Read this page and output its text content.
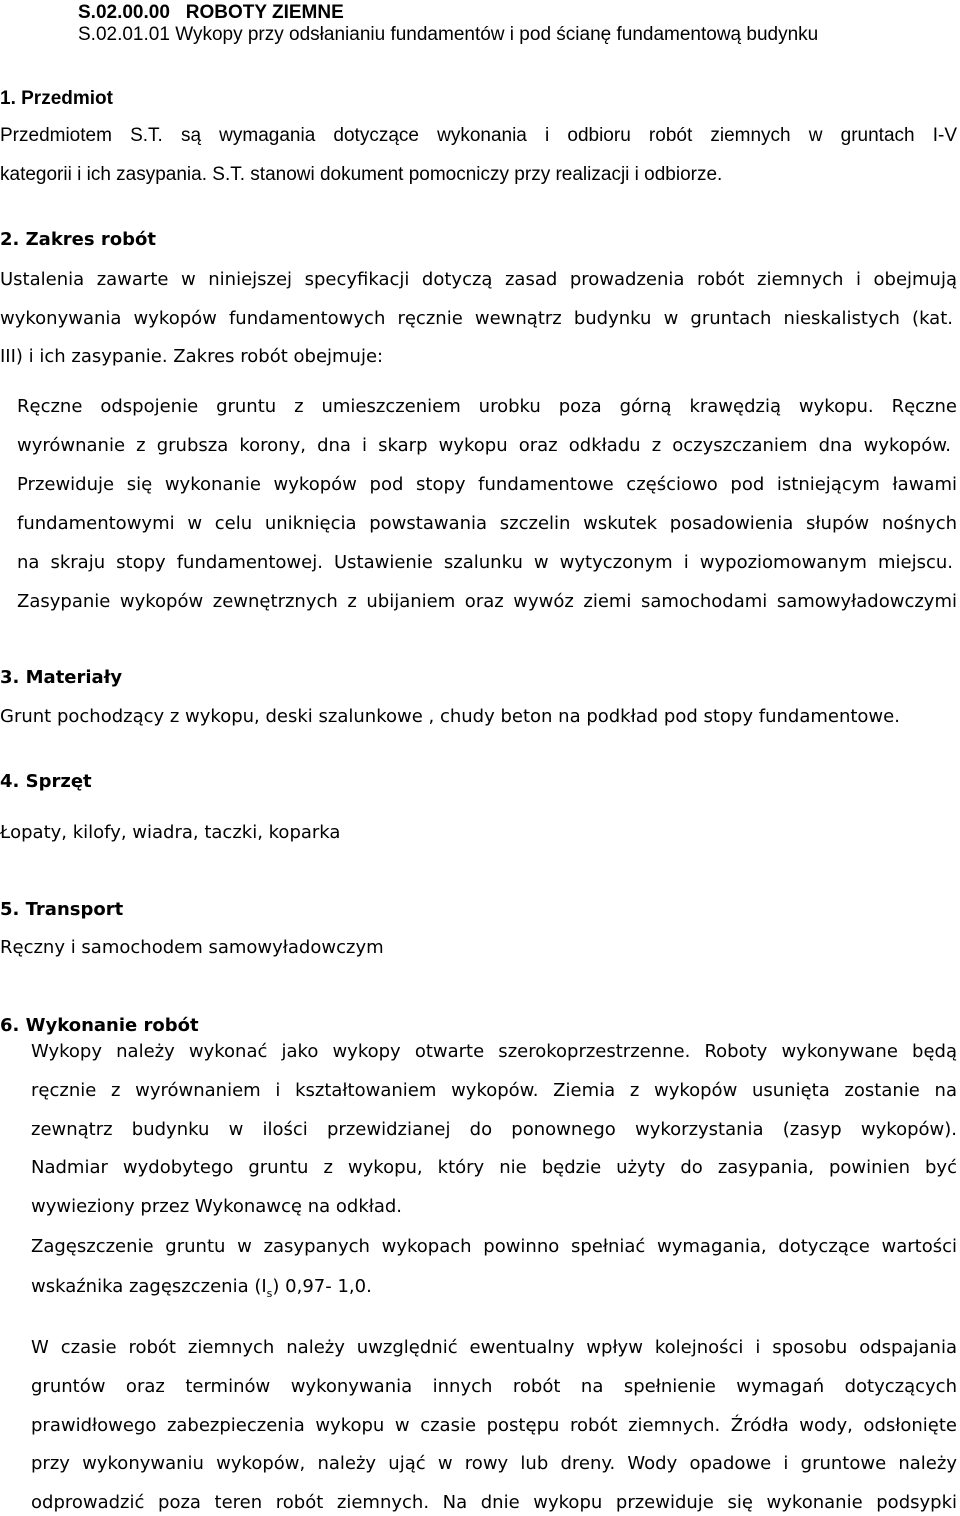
S.02.00.00 ROBOTY ZIEMNE
S.02.01.01 Wykopy przy odsłanianiu fundamentów i pod ścianę fundamentową budynku
1. Przedmiot
Przedmiotem S.T. są wymagania dotyczące wykonania i odbioru robót ziemnych w gruntach I-V
kategorii i ich zasypania. S.T. stanowi dokument pomocniczy przy realizacji i odbiorze.
2. Zakres robót
Ustalenia zawarte w niniejszej specyfikacji dotyczą zasad prowadzenia robót ziemnych i obejmują
wykonywania wykopów fundamentowych ręcznie wewnątrz budynku w gruntach nieskalistych (kat.
III) i ich zasypanie. Zakres robót obejmuje:
Ręczne odspojenie gruntu z umieszczeniem urobku poza górną krawędzią wykopu. Ręczne
wyrównanie z grubsza korony, dna i skarp wykopu oraz odkładu z oczyszczaniem dna wykopów.
Przewiduje się wykonanie wykopów pod stopy fundamentowe częściowo pod istniejącym ławami
fundamentowymi w celu uniknięcia powstawania szczelin wskutek posadowienia słupów nośnych
na skraju stopy fundamentowej. Ustawienie szalunku w wytyczonym i wypoziomowanym miejscu.
Zasypanie wykopów zewnętrznych z ubijaniem oraz wywóz ziemi samochodami samowyładowczymi
3. Materiały
Grunt pochodzący z wykopu, deski szalunkowe , chudy beton na podkład pod stopy fundamentowe.
4. Sprzęt
Łopaty, kilofy, wiadra, taczki, koparka
5. Transport
Ręczny i samochodem samowyładowczym
6. Wykonanie robót
Wykopy należy wykonać jako wykopy otwarte szerokoprzestrzenne. Roboty wykonywane będą
ręcznie z wyrównaniem i kształtowaniem wykopów. Ziemia z wykopów usunięta zostanie na
zewnątrz budynku w ilości przewidzianej do ponownego wykorzystania (zasyp wykopów).
Nadmiar wydobytego gruntu z wykopu, który nie będzie użyty do zasypania, powinien być
wywieziony przez Wykonawcę na odkład.
Zagęszczenie gruntu w zasypanych wykopach powinno spełniać wymagania, dotyczące wartości
wskaźnika zagęszczenia $(I_s)$ 0,97- 1,0.
W czasie robót ziemnych należy uwzględnić ewentualny wpływ kolejności i sposobu odspajania
gruntów oraz terminów wykonywania innych robót na spełnienie wymagań dotyczących
prawidłowego zabezpieczenia wykopu w czasie postępu robót ziemnych. Źródła wody, odsłonięte
przy wykonywaniu wykopów, należy ująć w rowy lub dreny. Wody opadowe i gruntowe należy
odprowadzić poza teren robót ziemnych. Na dnie wykopu przewiduje się wykonanie podsypki
